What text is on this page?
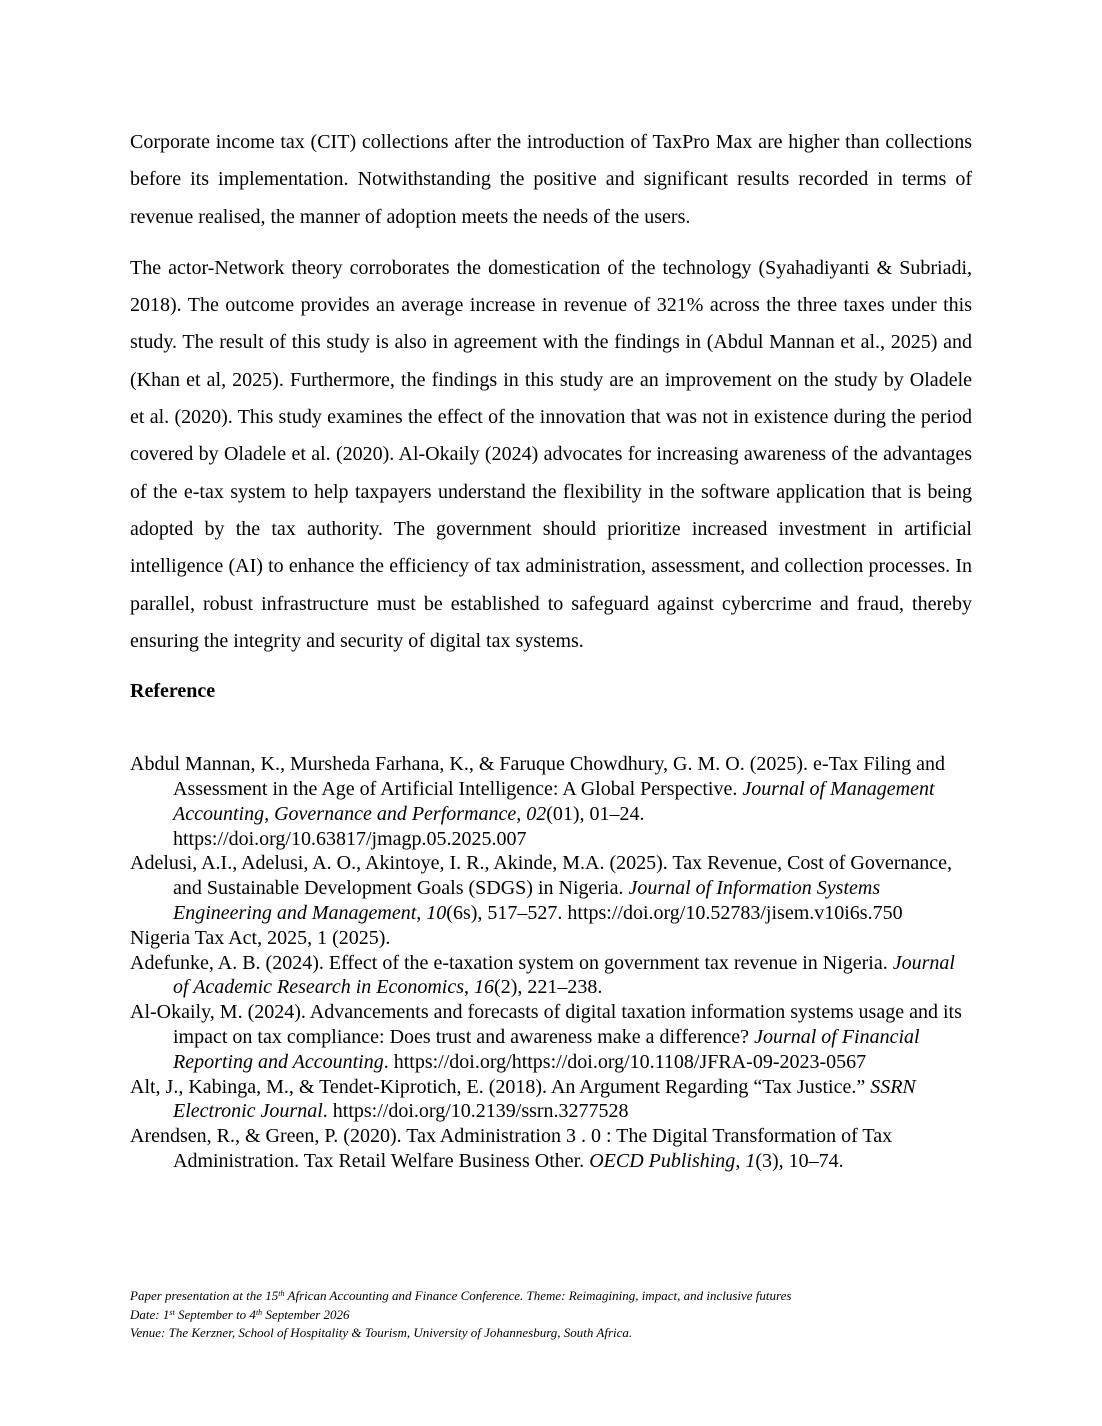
Corporate income tax (CIT) collections after the introduction of TaxPro Max are higher than collections before its implementation. Notwithstanding the positive and significant results recorded in terms of revenue realised, the manner of adoption meets the needs of the users.

The actor-Network theory corroborates the domestication of the technology (Syahadiyanti & Subriadi, 2018). The outcome provides an average increase in revenue of 321% across the three taxes under this study. The result of this study is also in agreement with the findings in (Abdul Mannan et al., 2025) and (Khan et al, 2025). Furthermore, the findings in this study are an improvement on the study by Oladele et al. (2020). This study examines the effect of the innovation that was not in existence during the period covered by Oladele et al. (2020). Al-Okaily (2024) advocates for increasing awareness of the advantages of the e-tax system to help taxpayers understand the flexibility in the software application that is being adopted by the tax authority. The government should prioritize increased investment in artificial intelligence (AI) to enhance the efficiency of tax administration, assessment, and collection processes. In parallel, robust infrastructure must be established to safeguard against cybercrime and fraud, thereby ensuring the integrity and security of digital tax systems.

Reference
Abdul Mannan, K., Mursheda Farhana, K., & Faruque Chowdhury, G. M. O. (2025). e-Tax Filing and Assessment in the Age of Artificial Intelligence: A Global Perspective. Journal of Management Accounting, Governance and Performance, 02(01), 01–24. https://doi.org/10.63817/jmagp.05.2025.007
Adelusi, A.I., Adelusi, A. O., Akintoye, I. R., Akinde, M.A. (2025). Tax Revenue, Cost of Governance, and Sustainable Development Goals (SDGS) in Nigeria. Journal of Information Systems Engineering and Management, 10(6s), 517–527. https://doi.org/10.52783/jisem.v10i6s.750
Nigeria Tax Act, 2025, 1 (2025).
Adefunke, A. B. (2024). Effect of the e-taxation system on government tax revenue in Nigeria. Journal of Academic Research in Economics, 16(2), 221–238.
Al-Okaily, M. (2024). Advancements and forecasts of digital taxation information systems usage and its impact on tax compliance: Does trust and awareness make a difference? Journal of Financial Reporting and Accounting. https://doi.org/https://doi.org/10.1108/JFRA-09-2023-0567
Alt, J., Kabinga, M., & Tendet-Kiprotich, E. (2018). An Argument Regarding “Tax Justice.” SSRN Electronic Journal. https://doi.org/10.2139/ssrn.3277528
Arendsen, R., & Green, P. (2020). Tax Administration 3 . 0 : The Digital Transformation of Tax Administration. Tax Retail Welfare Business Other. OECD Publishing, 1(3), 10–74.
Paper presentation at the 15th African Accounting and Finance Conference. Theme: Reimagining, impact, and inclusive futures
Date: 1st September to 4th September 2026
Venue: The Kerzner, School of Hospitality & Tourism, University of Johannesburg, South Africa.
